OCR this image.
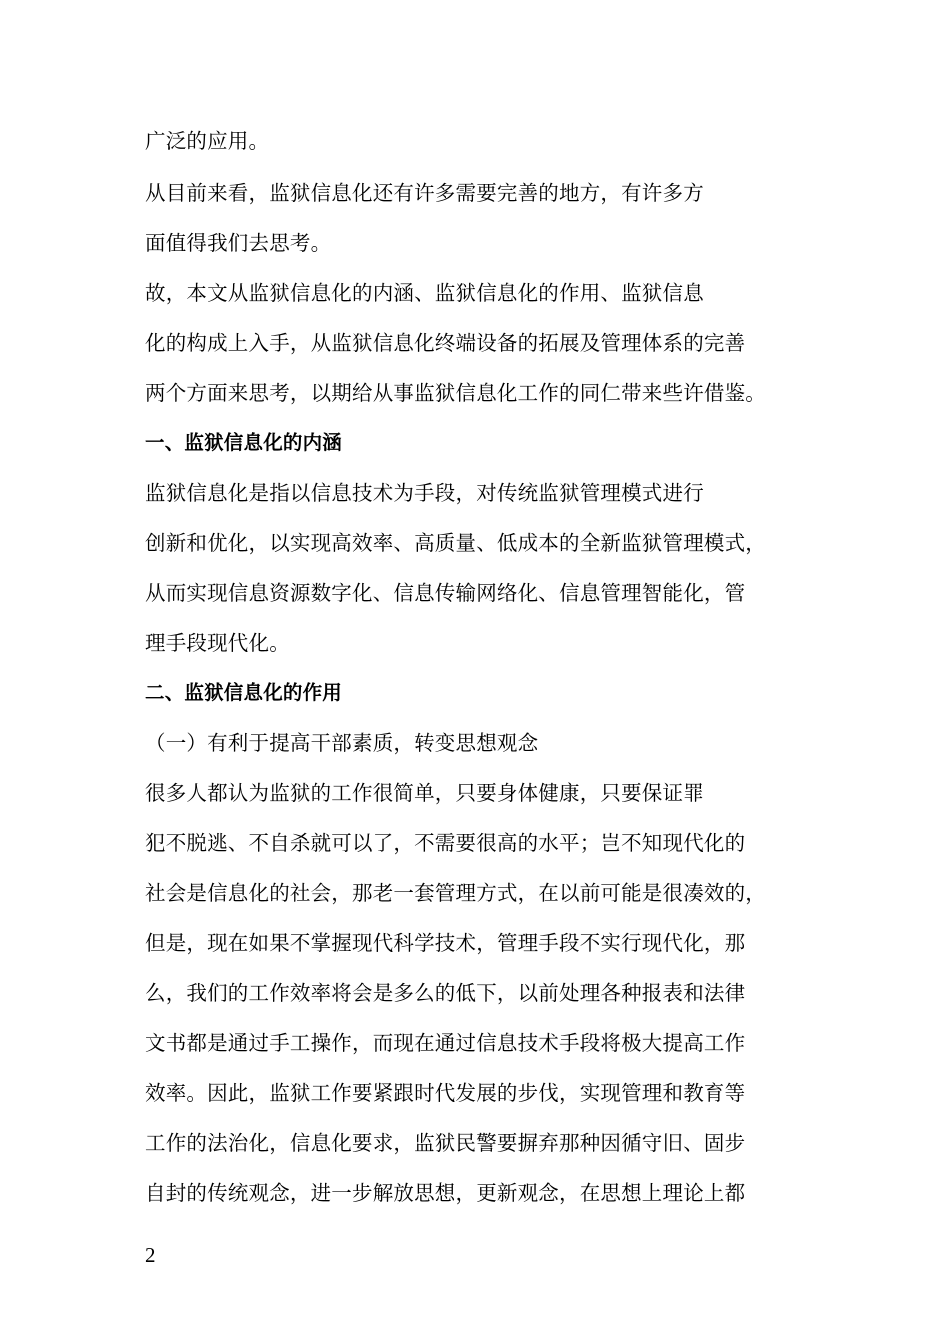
广泛的应用。
从目前来看，监狱信息化还有许多需要完善的地方，有许多方
面值得我们去思考。
故，本文从监狱信息化的内涵、监狱信息化的作用、监狱信息
化的构成上入手，从监狱信息化终端设备的拓展及管理体系的完善
两个方面来思考，以期给从事监狱信息化工作的同仁带来些许借鉴。
一、监狱信息化的内涵
监狱信息化是指以信息技术为手段，对传统监狱管理模式进行
创新和优化，以实现高效率、高质量、低成本的全新监狱管理模式，
从而实现信息资源数字化、信息传输网络化、信息管理智能化，管
理手段现代化。
二、监狱信息化的作用
（一）有利于提高干部素质，转变思想观念
很多人都认为监狱的工作很简单，只要身体健康，只要保证罪
犯不脱逃、不自杀就可以了，不需要很高的水平；岂不知现代化的
社会是信息化的社会，那老一套管理方式，在以前可能是很凑效的，
但是，现在如果不掌握现代科学技术，管理手段不实行现代化，那
么，我们的工作效率将会是多么的低下，以前处理各种报表和法律
文书都是通过手工操作，而现在通过信息技术手段将极大提高工作
效率。因此，监狱工作要紧跟时代发展的步伐，实现管理和教育等
工作的法治化，信息化要求，监狱民警要摒弃那种因循守旧、固步
自封的传统观念，进一步解放思想，更新观念，在思想上理论上都
2
